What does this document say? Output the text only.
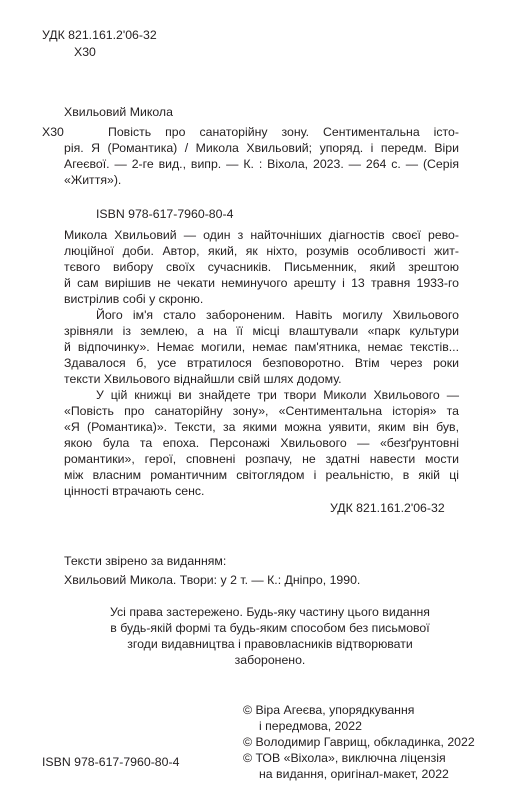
УДК 821.161.2'06-32
Х30
Хвильовий Микола
Х30	Повість про санаторійну зону. Сентиментальна істо-
рія. Я (Романтика) / Микола Хвильовий; упоряд. і передм. Віри
Агеєвої. — 2-ге вид., випр. — К. : Віхола, 2023. — 264 с. — (Серія
«Життя»).
ISBN 978-617-7960-80-4
Микола Хвильовий — один з найточніших діагностів своєї рево-
люційної доби. Автор, який, як ніхто, розумів особливості жит-
тєвого вибору своїх сучасників. Письменник, який зрештою
й сам вирішив не чекати неминучого арешту і 13 травня 1933-го
вистрілив собі у скроню.
Його ім'я стало забороненим. Навіть могилу Хвильового
зрівняли із землею, а на її місці влаштували «парк культури
й відпочинку». Немає могили, немає пам'ятника, немає текстів...
Здавалося б, усе втратилося безповоротно. Втім через роки
тексти Хвильового віднайшли свій шлях додому.
У цій книжці ви знайдете три твори Миколи Хвильового —
«Повість про санаторійну зону», «Сентиментальна історія» та
«Я (Романтика)». Тексти, за якими можна уявити, яким він був,
якою була та епоха. Персонажі Хвильового — «безґрунтовні
романтики», герої, сповнені розпачу, не здатні навести мости
між власним романтичним світоглядом і реальністю, в якій ці
цінності втрачають сенс.
УДК 821.161.2'06-32
Тексти звірено за виданням:
Хвильовий Микола. Твори: у 2 т. — К.: Дніпро, 1990.
Усі права застережено. Будь-яку частину цього видання
в будь-якій формі та будь-яким способом без письмової
згоди видавництва і правовласників відтворювати
заборонено.
© Віра Агеєва, упорядкування
і передмова, 2022
© Володимир Гаврищ, обкладинка, 2022
© ТОВ «Віхола», виключна ліцензія
на видання, оригінал-макет, 2022
ISBN 978-617-7960-80-4
